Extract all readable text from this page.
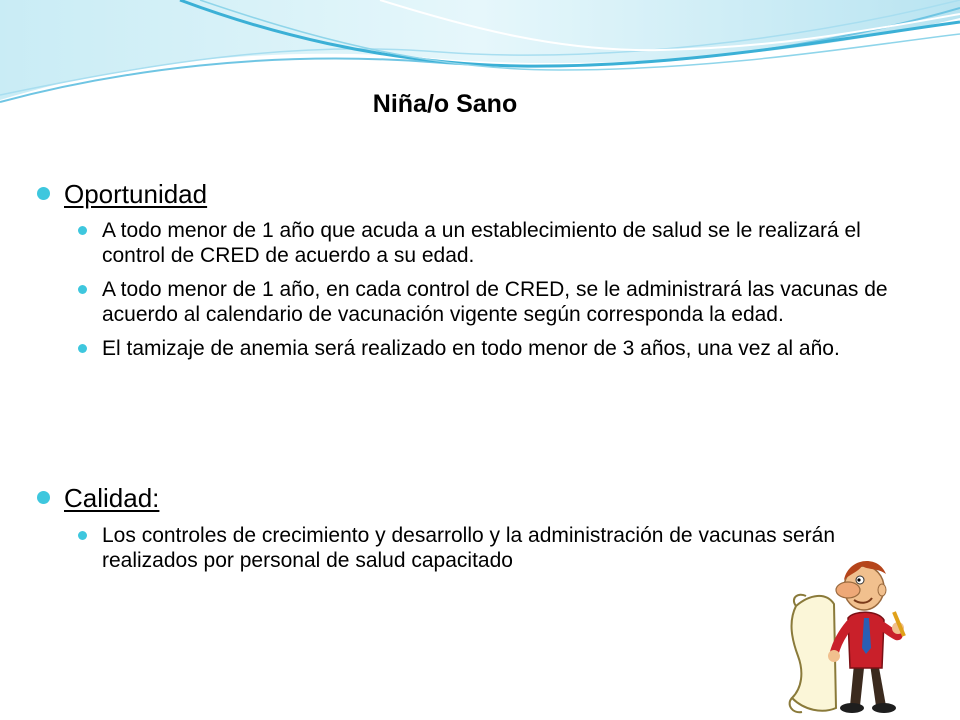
Niña/o Sano
Oportunidad
A todo menor de 1 año que acuda a un establecimiento de salud se le realizará el control de CRED de acuerdo a su edad.
A todo menor de 1 año, en cada control de CRED, se le administrará las vacunas de acuerdo al calendario de vacunación vigente según corresponda la edad.
El tamizaje de anemia será realizado en todo menor de 3 años, una vez al año.
Calidad:
Los controles de crecimiento y desarrollo y la administración de vacunas serán realizados por personal de salud capacitado
